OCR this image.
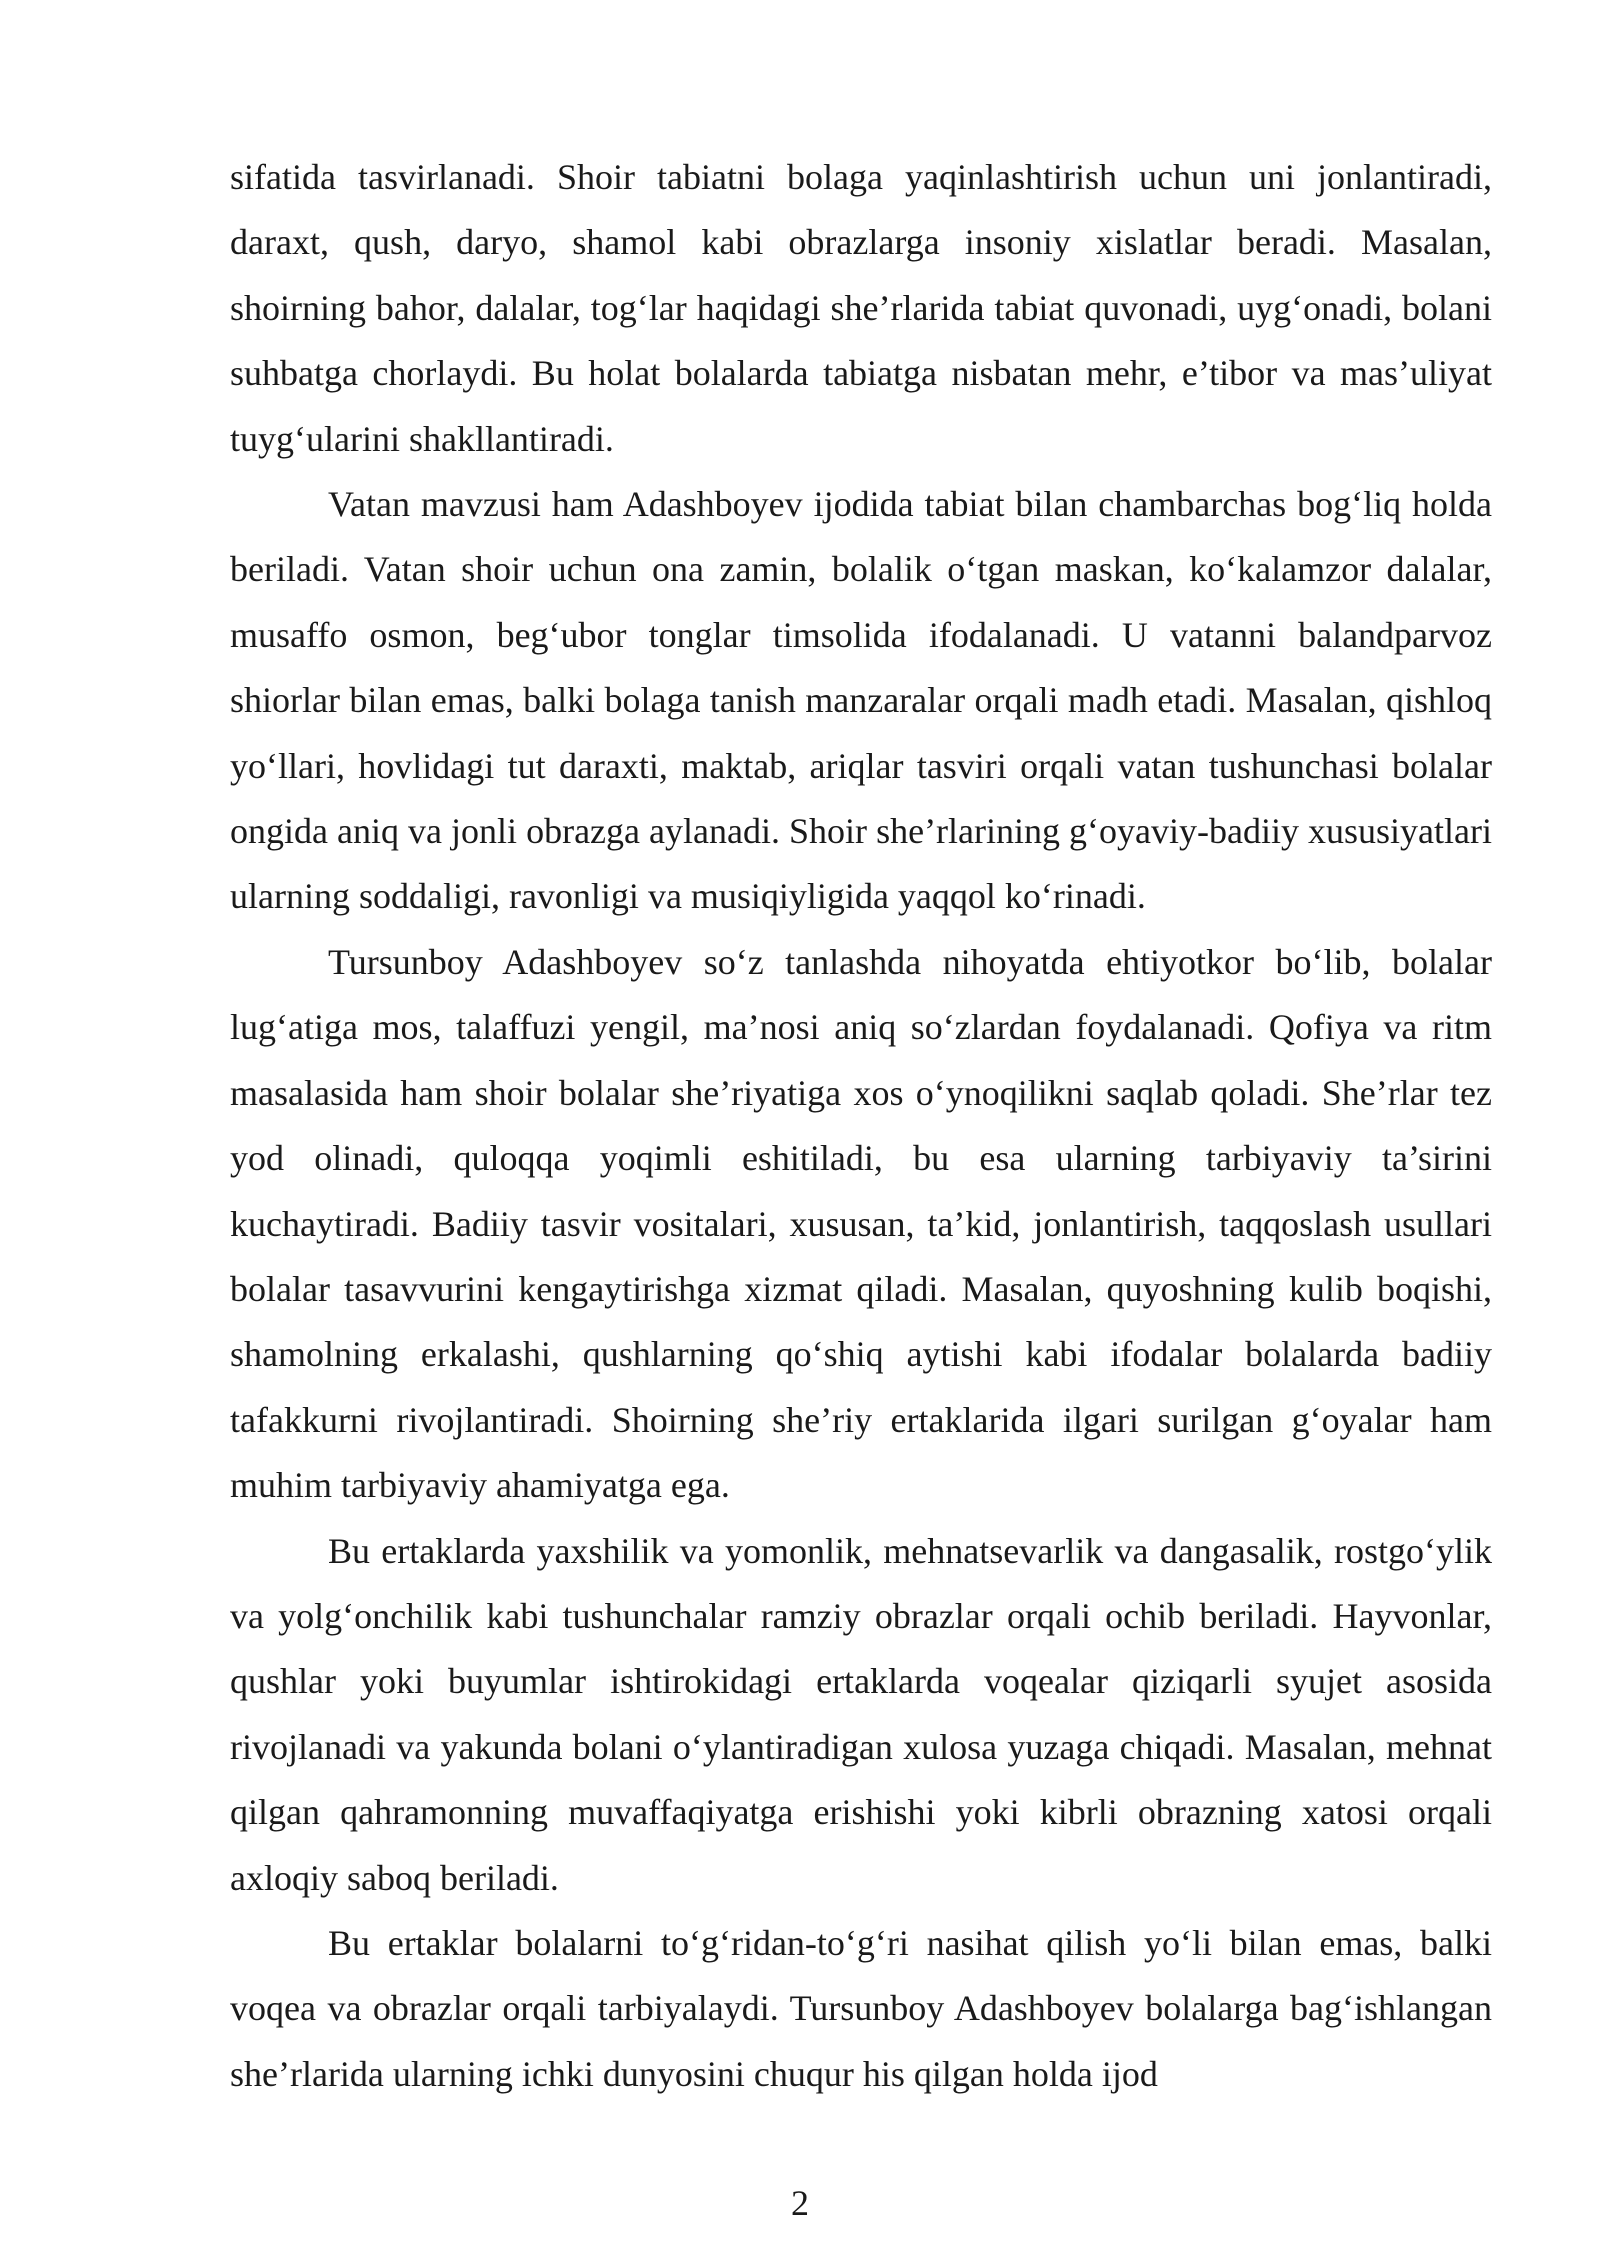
sifatida tasvirlanadi. Shoir tabiatni bolaga yaqinlashtirish uchun uni jonlantiradi, daraxt, qush, daryo, shamol kabi obrazlarga insoniy xislatlar beradi. Masalan, shoirning bahor, dalalar, tog‘lar haqidagi she’rlarida tabiat quvonadi, uyg‘onadi, bolani suhbatga chorlaydi. Bu holat bolalarda tabiatga nisbatan mehr, e’tibor va mas’uliyat tuyg‘ularini shakllantiradi.

Vatan mavzusi ham Adashboyev ijodida tabiat bilan chambarchas bog‘liq holda beriladi. Vatan shoir uchun ona zamin, bolalik o‘tgan maskan, ko‘kalamzor dalalar, musaffo osmon, beg‘ubor tonglar timsolida ifodalanadi. U vatanni balandparvoz shiorlar bilan emas, balki bolaga tanish manzaralar orqali madh etadi. Masalan, qishloq yo‘llari, hovlidagi tut daraxti, maktab, ariqlar tasviri orqali vatan tushunchasi bolalar ongida aniq va jonli obrazga aylanadi. Shoir she’rlarining g‘oyaviy-badiiy xususiyatlari ularning soddaligi, ravonligi va musiqiyligida yaqqol ko‘rinadi.

Tursunboy Adashboyev so‘z tanlashda nihoyatda ehtiyotkor bo‘lib, bolalar lug‘atiga mos, talaffuzi yengil, ma’nosi aniq so‘zlardan foydalanadi. Qofiya va ritm masalasida ham shoir bolalar she’riyatiga xos o‘ynoqilikni saqlab qoladi. She’rlar tez yod olinadi, quloqqa yoqimli eshitiladi, bu esa ularning tarbiyaviy ta’sirini kuchaytiradi. Badiiy tasvir vositalari, xususan, ta’kid, jonlantirish, taqqoslash usullari bolalar tasavvurini kengaytirishga xizmat qiladi. Masalan, quyoshning kulib boqishi, shamolning erkalashi, qushlarning qo‘shiq aytishi kabi ifodalar bolalarda badiiy tafakkurni rivojlantiradi. Shoirning she’riy ertaklarida ilgari surilgan g‘oyalar ham muhim tarbiyaviy ahamiyatga ega.

Bu ertaklarda yaxshilik va yomonlik, mehnatsevarlik va dangasalik, rostgo‘ylik va yolg‘onchilik kabi tushunchalar ramziy obrazlar orqali ochib beriladi. Hayvonlar, qushlar yoki buyumlar ishtirokidagi ertaklarda voqealar qiziqarli syujet asosida rivojlanadi va yakunda bolani o‘ylantiradigan xulosa yuzaga chiqadi. Masalan, mehnat qilgan qahramonning muvaffaqiyatga erishishi yoki kibrli obrazning xatosi orqali axloqiy saboq beriladi.

Bu ertaklar bolalarni to‘g‘ridan-to‘g‘ri nasihat qilish yo‘li bilan emas, balki voqea va obrazlar orqali tarbiyalaydi. Tursunboy Adashboyev bolalarga bag‘ishlangan she’rlarida ularning ichki dunyosini chuqur his qilgan holda ijod

2
